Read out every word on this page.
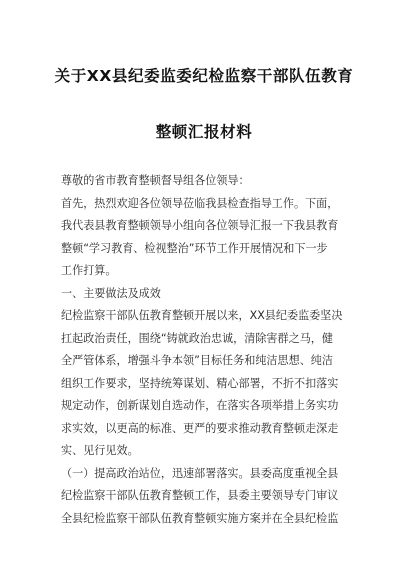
关于XX县纪委监委纪检监察干部队伍教育
整顿汇报材料
尊敬的省市教育整顿督导组各位领导：
首先，热烈欢迎各位领导莅临我县检查指导工作。下面，
我代表县教育整顿领导小组向各位领导汇报一下我县教育
整顿“学习教育、检视整治”环节工作开展情况和下一步
工作打算。
一、主要做法及成效
纪检监察干部队伍教育整顿开展以来，XX县纪委监委坚决
扛起政治责任，围绕“铸就政治忠诚，清除害群之马，健
全严管体系，增强斗争本领”目标任务和纯洁思想、纯洁
组织工作要求，坚持统筹谋划、精心部署，不折不扣落实
规定动作，创新谋划自选动作，在落实各项举措上务实功
求实效，以更高的标准、更严的要求推动教育整顿走深走
实、见行见效。
（一）提高政治站位，迅速部署落实。县委高度重视全县
纪检监察干部队伍教育整顿工作，县委主要领导专门审议
全县纪检监察干部队伍教育整顿实施方案并在全县纪检监
